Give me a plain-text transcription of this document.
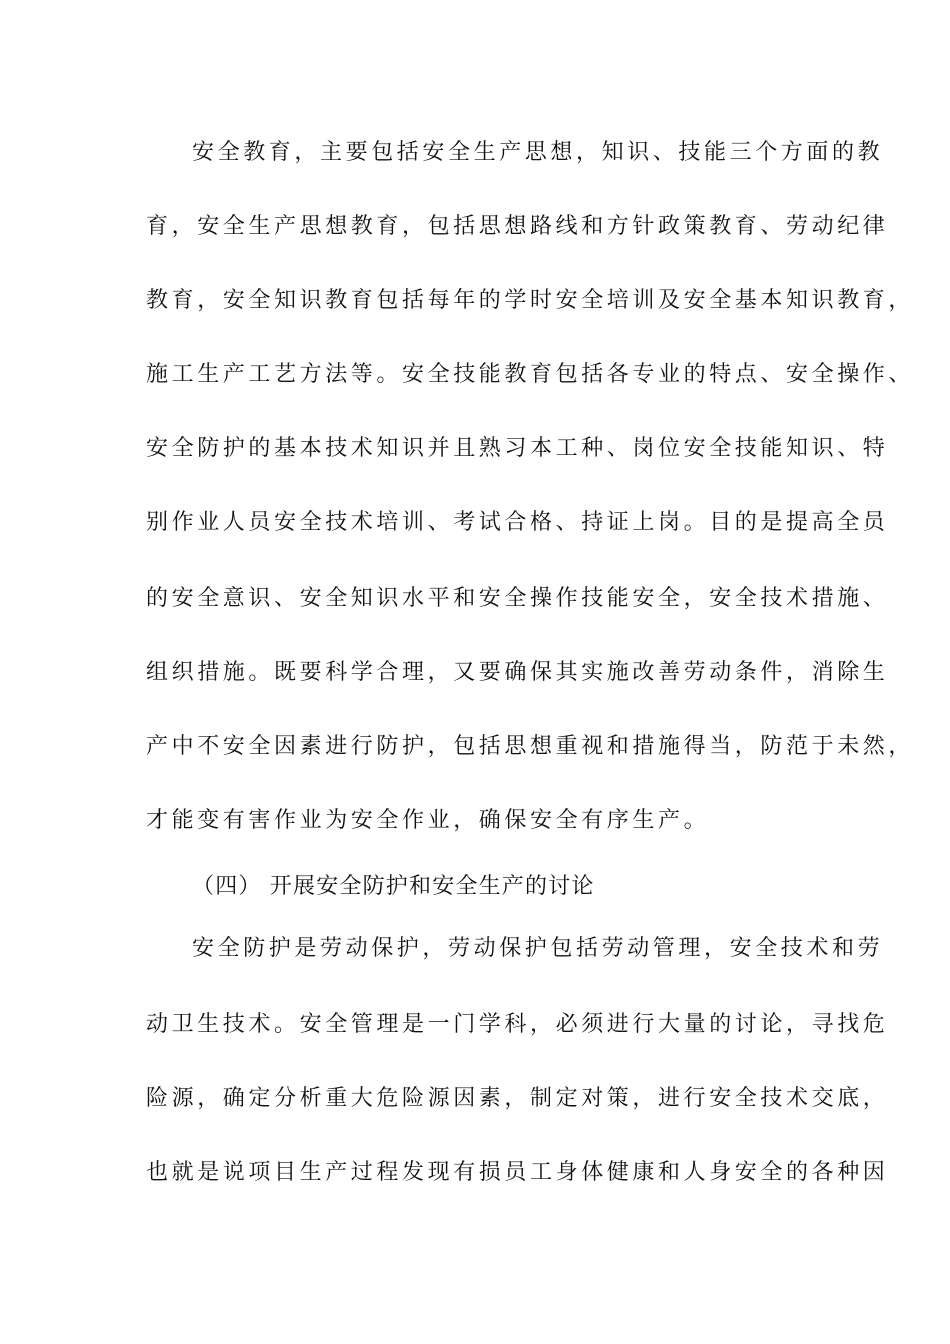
安全教育，主要包括安全生产思想，知识、技能三个方面的教
育，安全生产思想教育，包括思想路线和方针政策教育、劳动纪律
教育，安全知识教育包括每年的学时安全培训及安全基本知识教育，
施工生产工艺方法等。安全技能教育包括各专业的特点、安全操作、
安全防护的基本技术知识并且熟习本工种、岗位安全技能知识、特
别作业人员安全技术培训、考试合格、持证上岗。目的是提高全员
的安全意识、安全知识水平和安全操作技能安全，安全技术措施、
组织措施。既要科学合理，又要确保其实施改善劳动条件，消除生
产中不安全因素进行防护，包括思想重视和措施得当，防范于未然，
才能变有害作业为安全作业，确保安全有序生产。
（四） 开展安全防护和安全生产的讨论
安全防护是劳动保护，劳动保护包括劳动管理，安全技术和劳
动卫生技术。安全管理是一门学科，必须进行大量的讨论，寻找危
险源，确定分析重大危险源因素，制定对策，进行安全技术交底，
也就是说项目生产过程发现有损员工身体健康和人身安全的各种因
